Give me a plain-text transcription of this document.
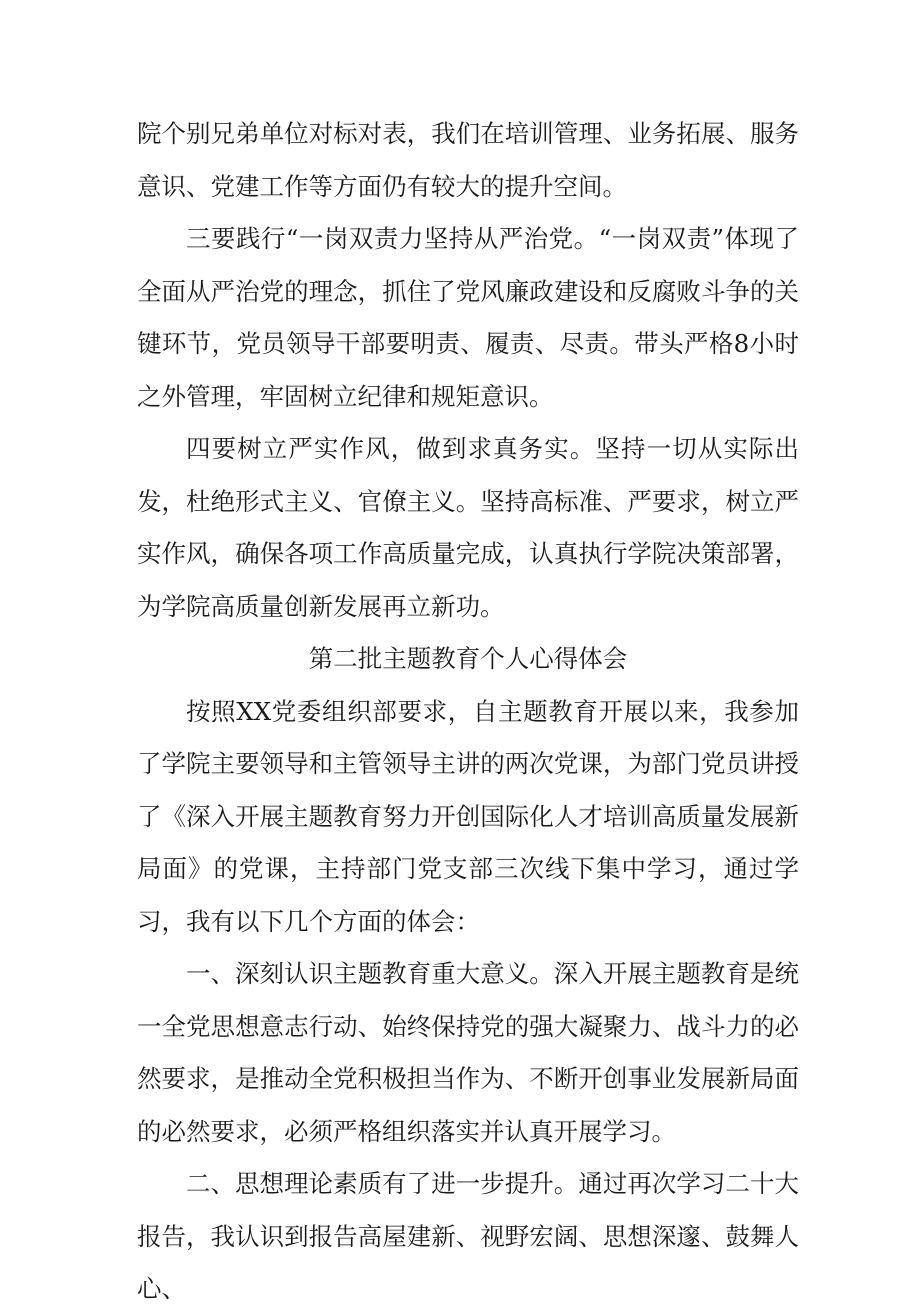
院个别兄弟单位对标对表，我们在培训管理、业务拓展、服务意识、党建工作等方面仍有较大的提升空间。

三要践行“一岗双责力坚持从严治党。“一岗双责”体现了全面从严治党的理念，抓住了党风廉政建设和反腐败斗争的关键环节，党员领导干部要明责、履责、尽责。带头严格8小时之外管理，牢固树立纪律和规矩意识。

四要树立严实作风，做到求真务实。坚持一切从实际出发，杜绝形式主义、官僚主义。坚持高标准、严要求，树立严实作风，确保各项工作高质量完成，认真执行学院决策部署，为学院高质量创新发展再立新功。

第二批主题教育个人心得体会

按照XX党委组织部要求，自主题教育开展以来，我参加了学院主要领导和主管领导主讲的两次党课，为部门党员讲授了《深入开展主题教育努力开创国际化人才培训高质量发展新局面》的党课，主持部门党支部三次线下集中学习，通过学习，我有以下几个方面的体会：

一、深刻认识主题教育重大意义。深入开展主题教育是统一全党思想意志行动、始终保持党的强大凝聚力、战斗力的必然要求，是推动全党积极担当作为、不断开创事业发展新局面的必然要求，必须严格组织落实并认真开展学习。

二、思想理论素质有了进一步提升。通过再次学习二十大报告，我认识到报告高屋建新、视野宏阔、思想深邃、鼓舞人心、
